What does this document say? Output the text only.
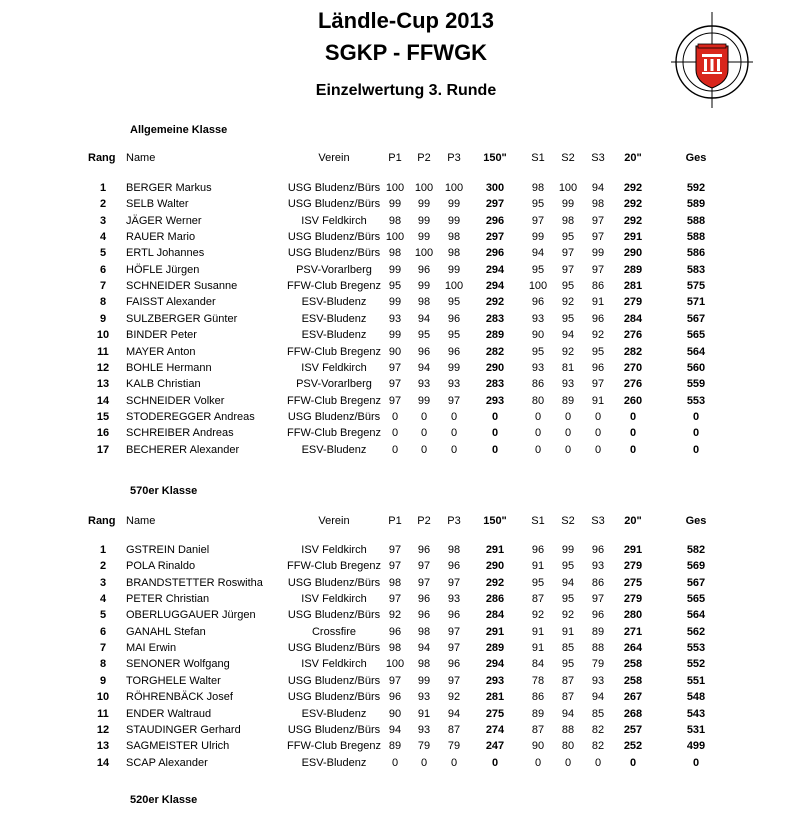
Ländle-Cup 2013
SGKP - FFWGK
Einzelwertung 3. Runde
Allgemeine Klasse
Rang Name	Verein	P1	P2	P3	150"	S1	S2	S3	20"	Ges
1	BERGER Markus	USG Bludenz/Bürs 100 100 100	300	98	100	94	292	592
2	SELB Walter	USG Bludenz/Bürs 99	99	99	297	95	99	98	292	589
3	JÄGER Werner	ISV Feldkirch	98	99	99	296	97	98	97	292	588
4	RAUER Mario	USG Bludenz/Bürs 100	99	98	297	99	95	97	291	588
5	ERTL Johannes	USG Bludenz/Bürs 98	100	98	296	94	97	99	290	586
6	HÖFLE Jürgen	PSV-Vorarlberg	99	96	99	294	95	97	97	289	583
7	SCHNEIDER Susanne	FFW-Club Bregenz 95	99	100	294	100	95	86	281	575
8	FAISST Alexander	ESV-Bludenz	99	98	95	292	96	92	91	279	571
9	SULZBERGER Günter	ESV-Bludenz	93	94	96	283	93	95	96	284	567
10	BINDER Peter	ESV-Bludenz	99	95	95	289	90	94	92	276	565
11	MAYER Anton	FFW-Club Bregenz 90	96	96	282	95	92	95	282	564
12	BOHLE Hermann	ISV Feldkirch	97	94	99	290	93	81	96	270	560
13	KALB Christian	PSV-Vorarlberg	97	93	93	283	86	93	97	276	559
14	SCHNEIDER Volker	FFW-Club Bregenz 97	99	97	293	80	89	91	260	553
15	STODEREGGER Andreas	USG Bludenz/Bürs	0	0	0	0	0	0	0	0	0
16	SCHREIBER Andreas	FFW-Club Bregenz 0	0	0	0	0	0	0	0	0
17	BECHERER Alexander	ESV-Bludenz	0	0	0	0	0	0	0	0	0
570er Klasse
Rang Name	Verein	P1	P2	P3	150"	S1	S2	S3	20"	Ges
1	GSTREIN Daniel	ISV Feldkirch	97	96	98	291	96	99	96	291	582
2	POLA Rinaldo	FFW-Club Bregenz 97	97	96	290	91	95	93	279	569
3	BRANDSTETTER Roswitha	USG Bludenz/Bürs 98	97	97	292	95	94	86	275	567
4	PETER Christian	ISV Feldkirch	97	96	93	286	87	95	97	279	565
5	OBERLUGGAUER Jürgen	USG Bludenz/Bürs 92	96	96	284	92	92	96	280	564
6	GANAHL Stefan	Crossfire	96	98	97	291	91	91	89	271	562
7	MAI Erwin	USG Bludenz/Bürs 98	94	97	289	91	85	88	264	553
8	SENONER Wolfgang	ISV Feldkirch	100	98	96	294	84	95	79	258	552
9	TORGHELE Walter	USG Bludenz/Bürs 97	99	97	293	78	87	93	258	551
10	RÖHRENBÄCK Josef	USG Bludenz/Bürs 96	93	92	281	86	87	94	267	548
11	ENDER Waltraud	ESV-Bludenz	90	91	94	275	89	94	85	268	543
12	STAUDINGER Gerhard	USG Bludenz/Bürs 94	93	87	274	87	88	82	257	531
13	SAGMEISTER Ulrich	FFW-Club Bregenz 89	79	79	247	90	80	82	252	499
14	SCAP Alexander	ESV-Bludenz	0	0	0	0	0	0	0	0	0
520er Klasse
